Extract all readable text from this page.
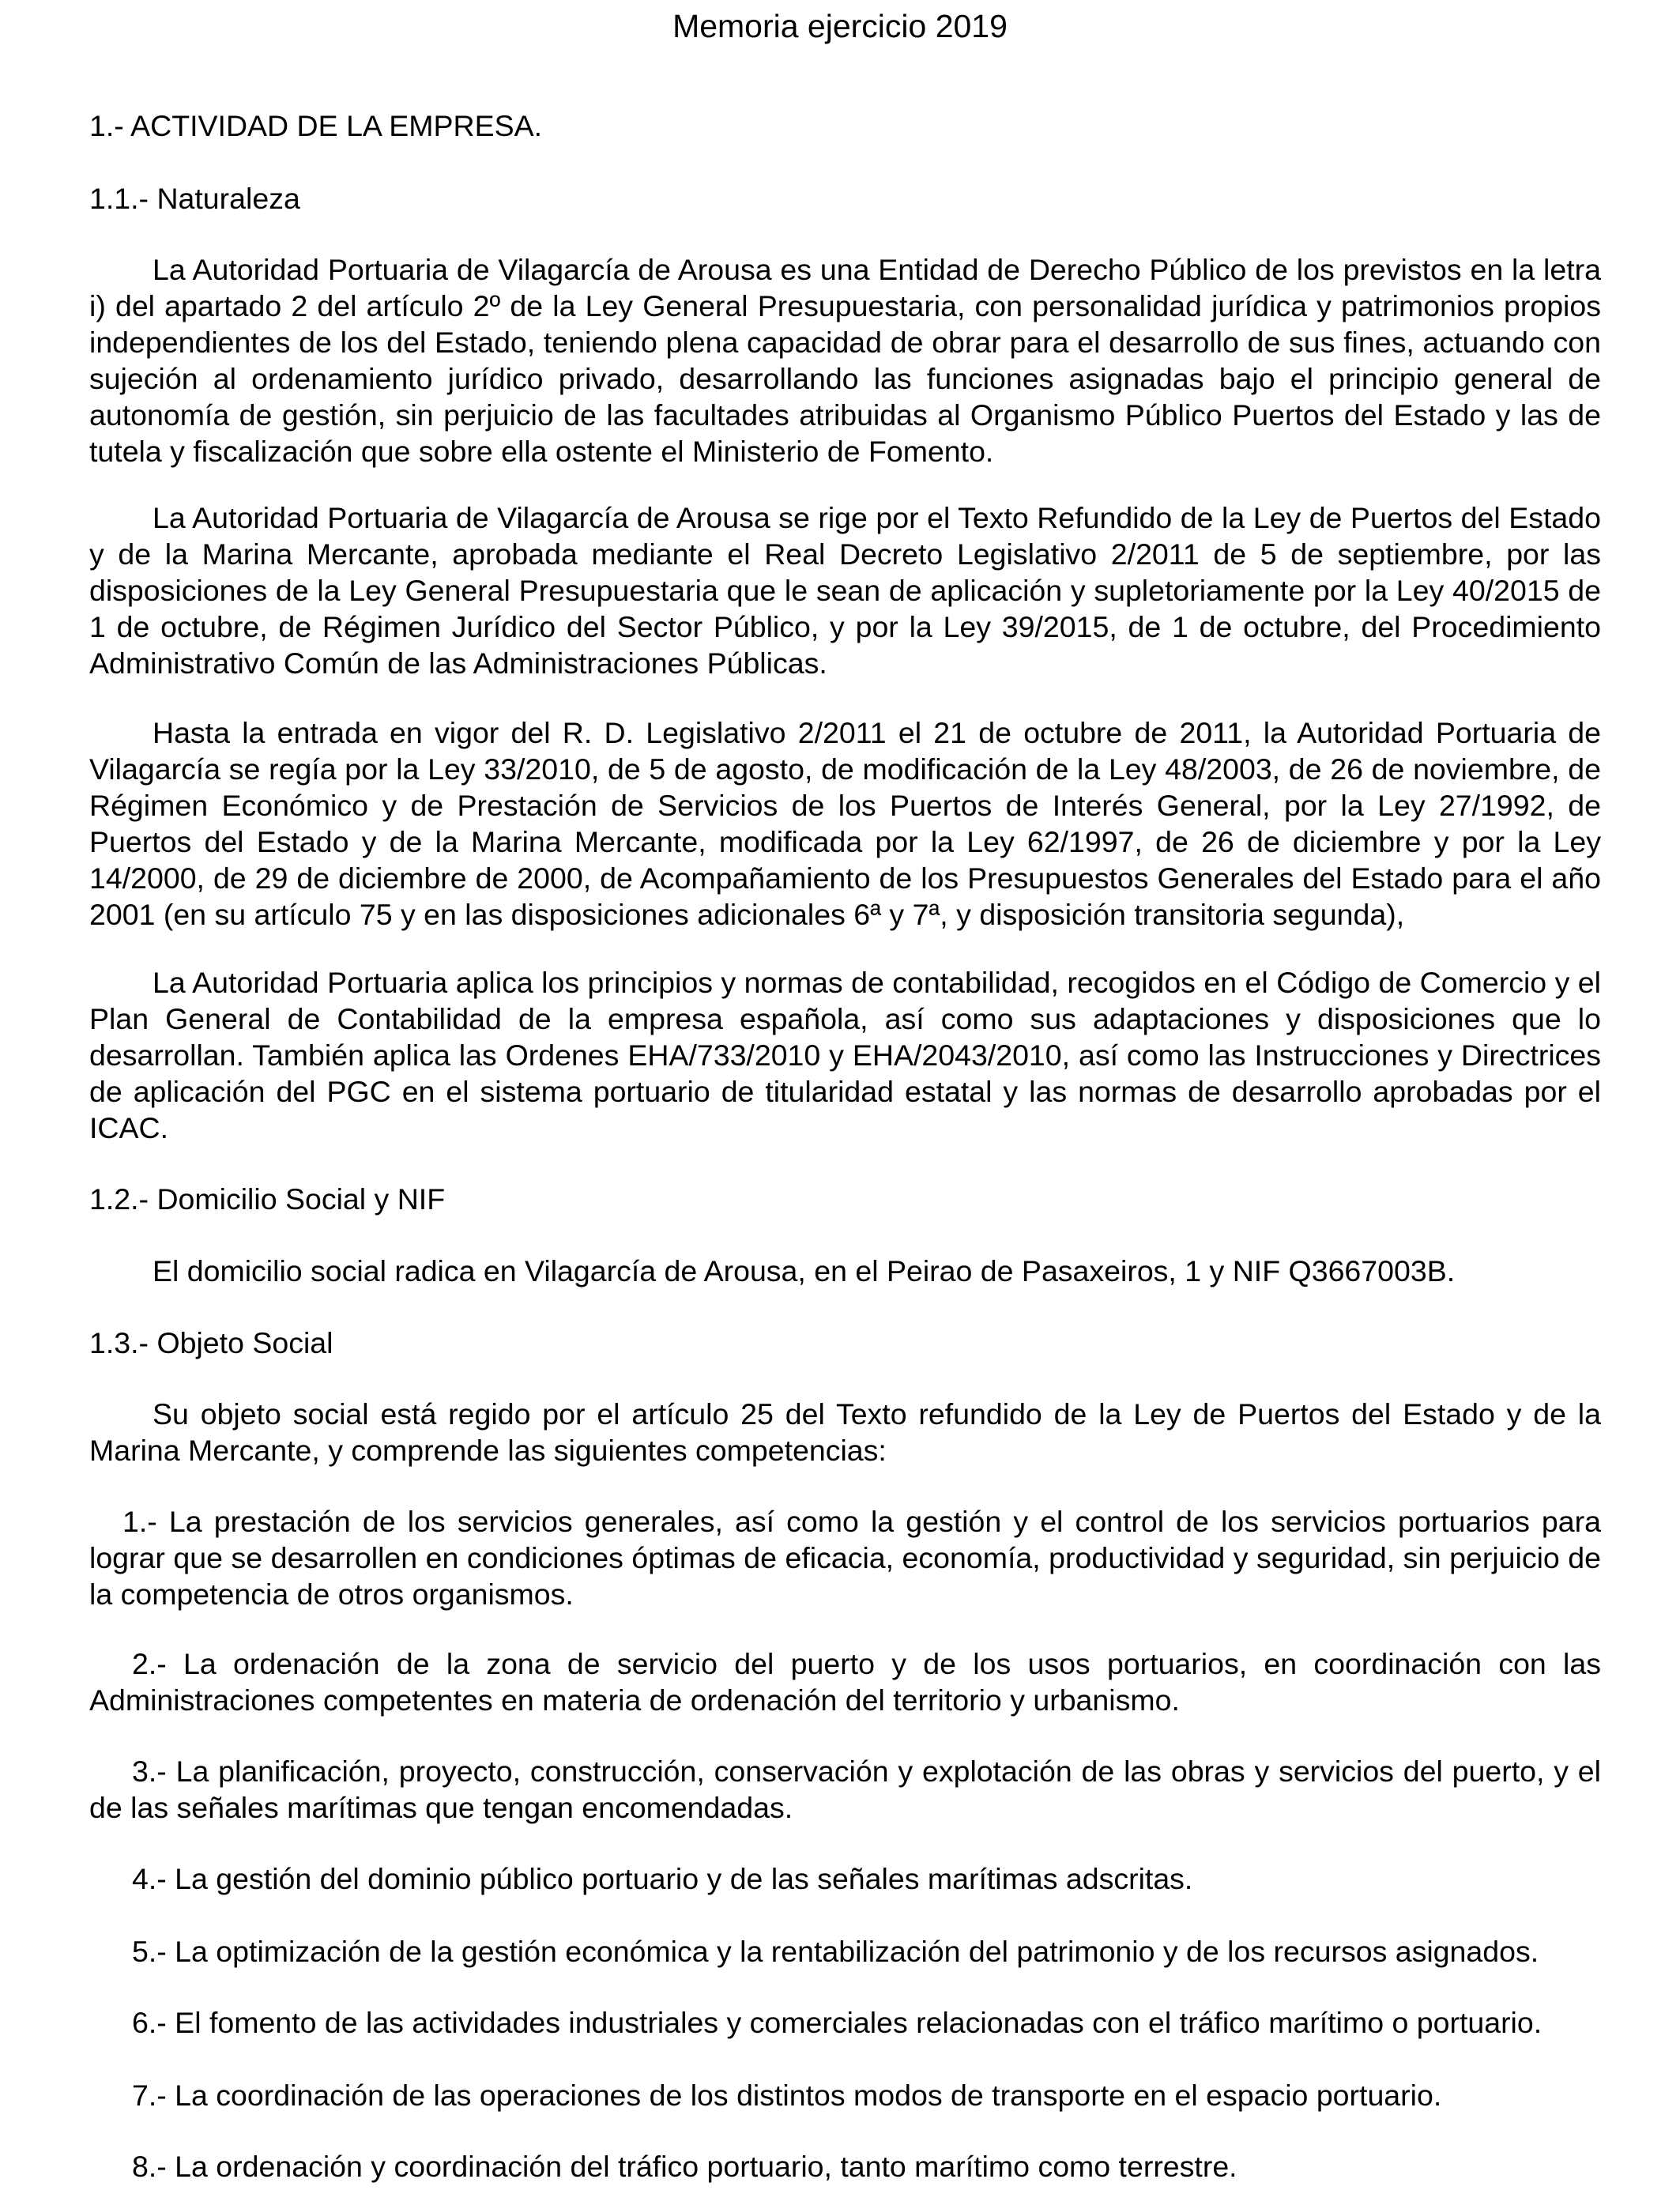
Memoria ejercicio 2019
1.- ACTIVIDAD DE LA EMPRESA.
1.1.- Naturaleza

La Autoridad Portuaria de Vilagarcía de Arousa es una Entidad de Derecho Público de los previstos en la letra i) del apartado 2 del artículo 2º de la Ley General Presupuestaria, con personalidad jurídica y patrimonios propios independientes de los del Estado, teniendo plena capacidad de obrar para el desarrollo de sus fines, actuando con sujeción al ordenamiento jurídico privado, desarrollando las funciones asignadas bajo el principio general de autonomía de gestión, sin perjuicio de las facultades atribuidas al Organismo Público Puertos del Estado y las de tutela y fiscalización que sobre ella ostente el Ministerio de Fomento.

La Autoridad Portuaria de Vilagarcía de Arousa se rige por el Texto Refundido de la Ley de Puertos del Estado y de la Marina Mercante, aprobada mediante el Real Decreto Legislativo 2/2011 de 5 de septiembre, por las disposiciones de la Ley General Presupuestaria que le sean de aplicación y supletoriamente por la Ley 40/2015 de 1 de octubre, de Régimen Jurídico del Sector Público, y por la Ley 39/2015, de 1 de octubre, del Procedimiento Administrativo Común de las Administraciones Públicas.

Hasta la entrada en vigor del R. D. Legislativo 2/2011 el 21 de octubre de 2011, la Autoridad Portuaria de Vilagarcía se regía por la Ley 33/2010, de 5 de agosto, de modificación de la Ley 48/2003, de 26 de noviembre, de Régimen Económico y de Prestación de Servicios de los Puertos de Interés General, por la Ley 27/1992, de Puertos del Estado y de la Marina Mercante, modificada por la Ley 62/1997, de 26 de diciembre y por la Ley 14/2000, de 29 de diciembre de 2000, de Acompañamiento de los Presupuestos Generales del Estado para el año 2001 (en su artículo 75 y en las disposiciones adicionales 6ª y 7ª, y disposición transitoria segunda),

La Autoridad Portuaria aplica los principios y normas de contabilidad, recogidos en el Código de Comercio y el Plan General de Contabilidad de la empresa española, así como sus adaptaciones y disposiciones que lo desarrollan. También aplica las Ordenes EHA/733/2010 y EHA/2043/2010, así como las Instrucciones y Directrices de aplicación del PGC en el sistema portuario de titularidad estatal y las normas de desarrollo aprobadas por el ICAC.

1.2.- Domicilio Social y NIF

El domicilio social radica en Vilagarcía de Arousa, en el Peirao de Pasaxeiros, 1 y NIF Q3667003B.

1.3.- Objeto Social

Su objeto social está regido por el artículo 25 del Texto refundido de la Ley de Puertos del Estado y de la Marina Mercante, y comprende las siguientes competencias:

1.- La prestación de los servicios generales, así como la gestión y el control de los servicios portuarios para lograr que se desarrollen en condiciones óptimas de eficacia, economía, productividad y seguridad, sin perjuicio de la competencia de otros organismos.

2.- La ordenación de la zona de servicio del puerto y de los usos portuarios, en coordinación con las Administraciones competentes en materia de ordenación del territorio y urbanismo.

3.- La planificación, proyecto, construcción, conservación y explotación de las obras y servicios del puerto, y el de las señales marítimas que tengan encomendadas.

4.- La gestión del dominio público portuario y de las señales marítimas adscritas.

5.- La optimización de la gestión económica y la rentabilización del patrimonio y de los recursos asignados.

6.- El fomento de las actividades industriales y comerciales relacionadas con el tráfico marítimo o portuario.

7.- La coordinación de las operaciones de los distintos modos de transporte en el espacio portuario.

8.- La ordenación y coordinación del tráfico portuario, tanto marítimo como terrestre.
